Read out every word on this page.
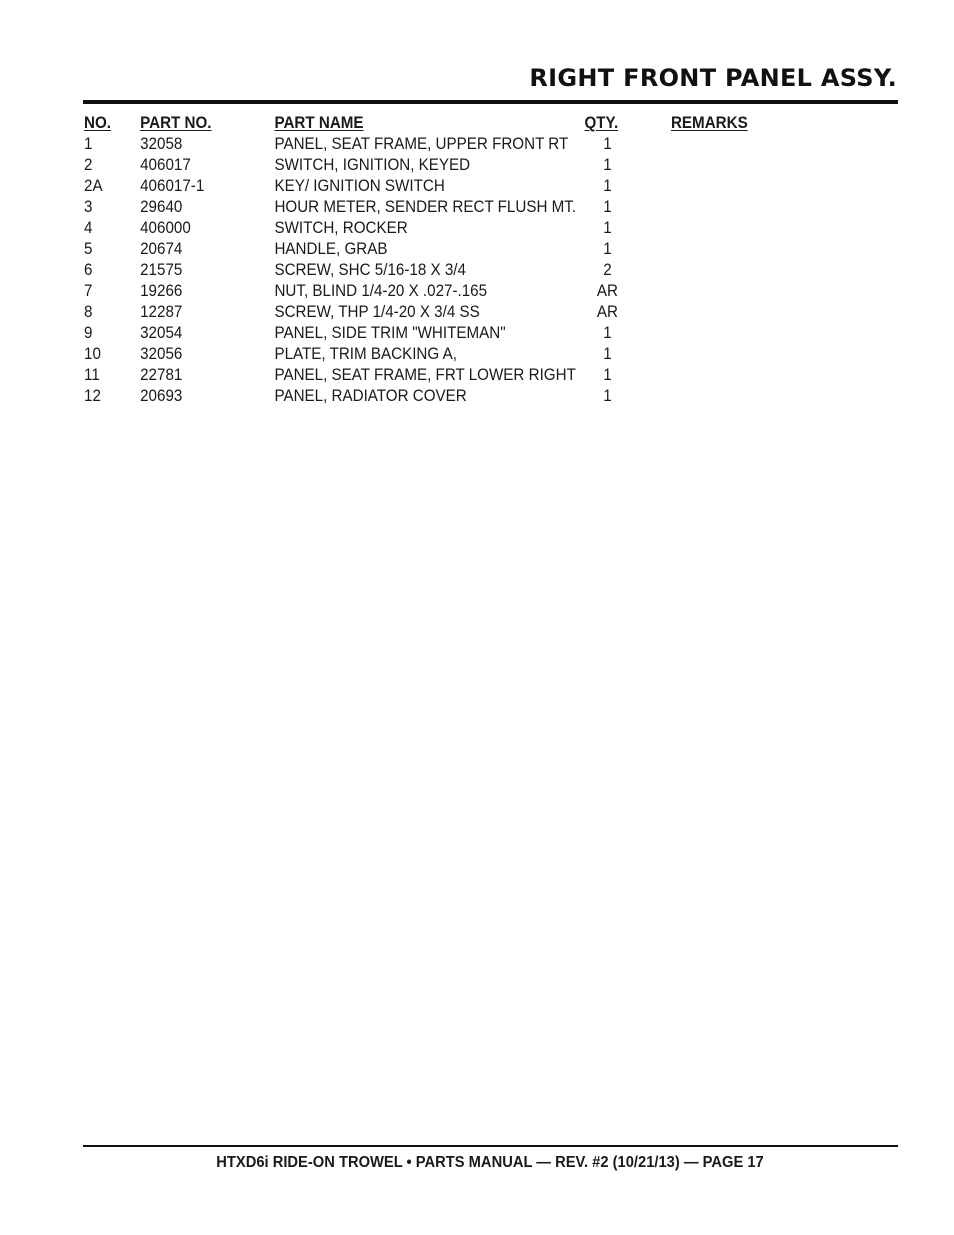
RIGHT FRONT PANEL ASSY.
NO. PART NO.	PART NAME	QTY.	REMARKS
1	32058	PANEL, SEAT FRAME, UPPER FRONT RT	1
2	406017	SWITCH, IGNITION, KEYED	1
2A 406017-1	KEY/ IGNITION SWITCH	1
3	29640	HOUR METER, SENDER RECT FLUSH MT.	1
4	406000	SWITCH, ROCKER	1
5	20674	HANDLE, GRAB	1
6	21575	SCREW, SHC 5/16-18 X 3/4	2
7	19266	NUT, BLIND 1/4-20 X .027-.165	AR
8	12287	SCREW, THP 1/4-20 X 3/4 SS	AR
9	32054	PANEL, SIDE TRIM "WHITEMAN"	1
10 32056	PLATE, TRIM BACKING A,	1
11 22781	PANEL, SEAT FRAME, FRT LOWER RIGHT	1
12 20693	PANEL, RADIATOR COVER	1
HTXD6i RIDE-ON TROWEL • PARTS MANUAL — REV. #2 (10/21/13) — PAGE 17
